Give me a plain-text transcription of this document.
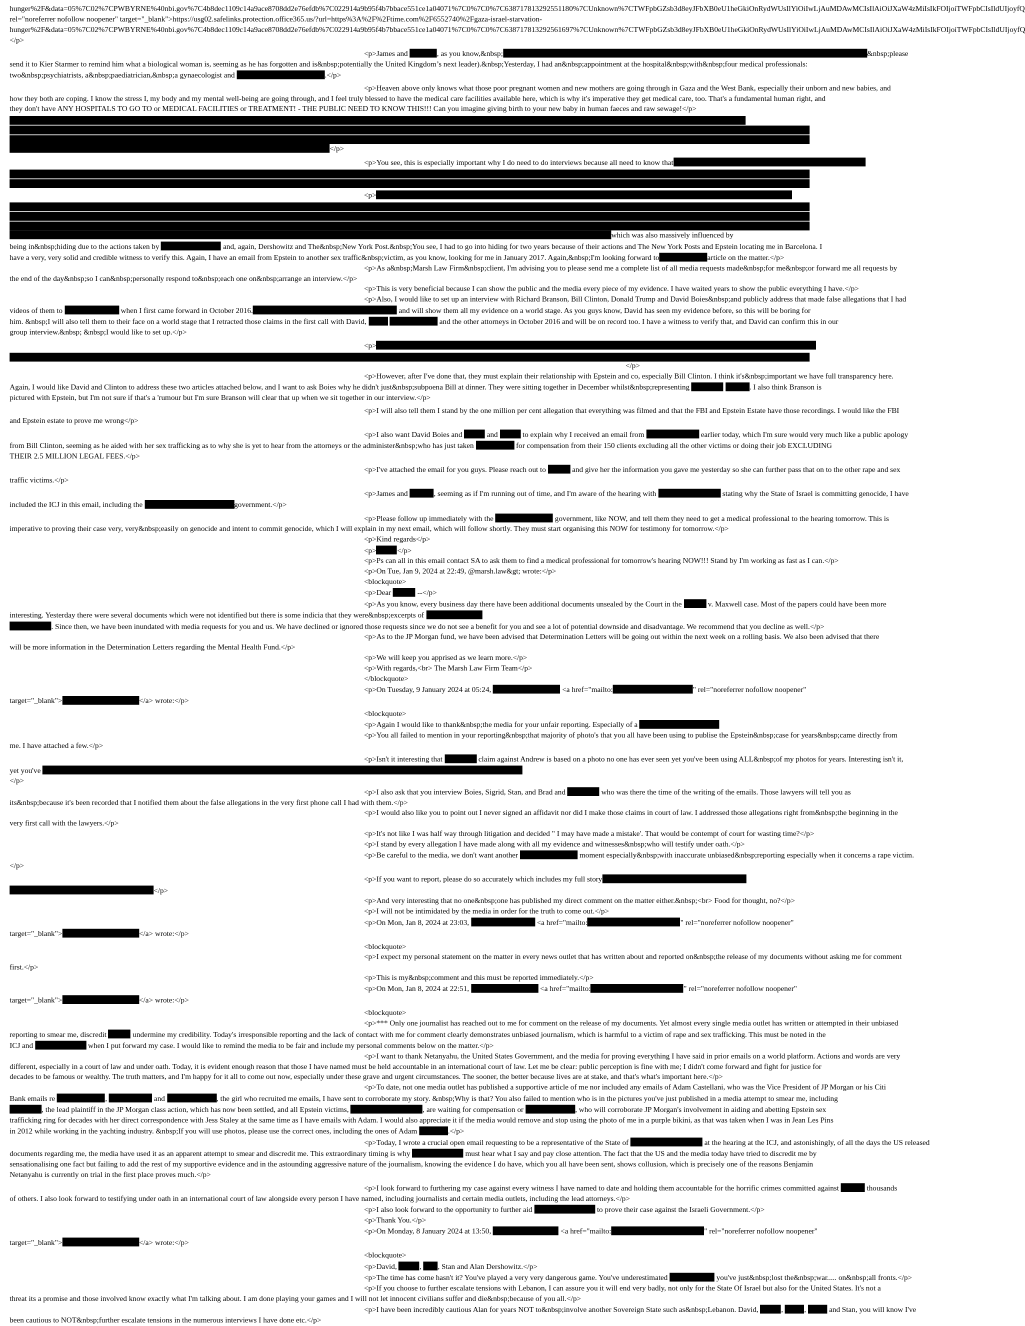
hunger%2F&data=05%7C02%7CPWBYRNE%40nbi.gov%7C4b8dec1109c14a9ace8708dd2e76efdb%7C022914a9b95f4b7bbace551ce1a04071%7C0%7C0%7C638717813292551180%7CUnknown%7CTWFpbGZsb3d8eyJFbXB0eU1heGkiOnRydWUsIlYiOiIwLjAuMDAwMCIsIlAiOiJXaW4zMiIsIkFOIjoiTWFpbCIsIldUIjoyfQ
rel="noreferrer nofollow noopener" target="_blank">https://usg02.safelinks.protection.office365.us/?url=https%3A%2F%2Ftime.com%2F6552740%2Fgaza-israel-starvation-
hunger%2F&data=05%7C02%7CPWBYRNE%40nbi.gov%7C4b8dec1109c14a9ace8708dd2e76efdb%7C022914a9b95f4b7bbace551ce1a04071%7C0%7C0%7C638717813292561697%7CUnknown%7CTWFpbGZsb3d8eyJFbXB0eU1heGkiOnRydWUsIlYiOiIwLjAuMDAwMCIsIlAiOiJXaW4zMiIsIkFOIjoiTWFpbCIsIldUIjoyfQ
</p>
<p>James and	, as you know,&nbsp;	&nbsp;please
send it to Kier Starmer to remind him what a biological woman is, seeming as he has forgotten and is&nbsp;potentially the United Kingdom’s next leader).&nbsp;Yesterday, I had an&nbsp;appointment at the hospital&nbsp;with&nbsp;four medical professionals:
two&nbsp;psychiatrists, a&nbsp;paediatrician,&nbsp;a gynaecologist and	.</p>
<p>Heaven above only knows what those poor pregnant women and new mothers are going through in Gaza and the West Bank, especially their unborn and new babies, and
how they both are coping. I know the stress I, my body and my mental well-being are going through, and I feel truly blessed to have the medical care facilities available here, which is why it's imperative they get medical care, too. That's a fundamental human right, and
they don't have ANY HOSPITALS TO GO TO or MEDICAL FACILITIES or TREATMENT! - THE PUBLIC NEED TO KNOW THIS!!! Can you imagine giving birth to your new baby in human faeces and raw sewage!</p>
</p>
<p>You see, this is especially important why I do need to do interviews because all need to know that
<p>
which was also massively influenced by
being in&nbsp;hiding due to the actions taken by	and, again, Dershowitz and The&nbsp;New York Post.&nbsp;You see, I had to go into hiding for two years because of their actions and The New York Posts and Epstein locating me in Barcelona. I
have a very, very solid and credible witness to verify this. Again, I have an email from Epstein to another sex traffic&nbsp;victim, as you know, looking for me in January 2017. Again,&nbsp;I'm looking forward to	article on the matter.</p>
<p>As a&nbsp;Marsh Law Firm&nbsp;client, I'm advising you to please send me a complete list of all media requests made&nbsp;for me&nbsp;or forward me all requests by
the end of the day&nbsp;so I can&nbsp;personally respond to&nbsp;each one on&nbsp;arrange an interview.</p>
<p>This is very beneficial because I can show the public and the media every piece of my evidence. I have waited years to show the public everything I have.</p>
<p>Also, I would like to set up an interview with Richard Branson, Bill Clinton, Donald Trump and David Boies&nbsp;and publicly address that made false allegations that I had
videos of them to	when I first came forward in October 2016.	and will show them all my evidence on a world stage. As you guys know, David has seen my evidence before, so this will be boring for
him. &nbsp;I will also tell them to their face on a world stage that I retracted those claims in the first call with David,	and the other attorneys in October 2016 and will be on record too. I have a witness to verify that, and David can confirm this in our
group interview.&nbsp; &nbsp;I would like to set up.</p>
<p>
</p>
<p>However, after I've done that, they must explain their relationship with Epstein and co, especially Bill Clinton. I think it's&nbsp;important we have full transparency here.
Again, I would like David and Clinton to address these two articles attached below, and I want to ask Boies why he didn't just&nbsp;subpoena Bill at dinner. They were sitting together in December whilst&nbsp;representing	. I also think Branson is
pictured with Epstein, but I'm not sure if that's a 'rumour but I'm sure Branson will clear that up when we sit together in our interview.</p>
<p>I will also tell them I stand by the one million per cent allegation that everything was filmed and that the FBI and Epstein Estate have those recordings. I would like the FBI
and Epstein estate to prove me wrong</p>
<p>I also want David Boies and  and  to explain why I received an email from	earlier today, which I'm sure would very much like a public apology
from Bill Clinton, seeming as he aided with her sex trafficking as to why she is yet to hear from the attorneys or the administer&nbsp;who has just taken	for compensation from their 150 clients excluding all the other victims or doing their job EXCLUDING
THEIR 2.5 MILLION LEGAL FEES.</p>
<p>I've attached the email for you guys. Please reach out to  and give her the information you gave me yesterday so she can further pass that on to the other rape and sex
traffic victims.</p>
<p>James and	, seeming as if I'm running out of time, and I'm aware of the hearing with	stating why the State of Israel is committing genocide, I have
included the ICJ in this email, including the	government.</p>
<p>Please follow up immediately with the	government, like NOW, and tell them they need to get a medical professional to the hearing tomorrow. This is
imperative to proving their case very, very&nbsp;easily on genocide and intent to commit genocide, which I will explain in my next email, which will follow shortly. They must start organising this NOW for testimony for tomorrow.</p>
<p>Kind regards</p>
<p> </p>
<p>Ps can all in this email contact SA to ask them to find a medical professional for tomorrow's hearing NOW!!! Stand by I'm working as fast as I can.</p>
<p>On Tue, Jan 9, 2024 at 22:49, @marsh.law&gt; wrote:</p>
<blockquote>
<p>Dear  --</p>
<p>As you know, every business day there have been additional documents unsealed by the Court in the  v. Maxwell case. Most of the papers could have been more
interesting. Yesterday there were several documents which were not identified but there is some indicia that they were&nbsp;excerpts of
. Since then, we have been inundated with media requests for you and us. We have declined or ignored those requests since we do not see a benefit for you and see a lot of potential downside and disadvantage. We recommend that you decline as well.</p>
<p>As to the JP Morgan fund, we have been advised that Determination Letters will be going out within the next week on a rolling basis. We also been advised that there
will be more information in the Determination Letters regarding the Mental Health Fund.</p>
<p>We will keep you apprised as we learn more.</p>
<p>With regards,<br> The Marsh Law Firm Team</p>
</blockquote>
<p>On Tuesday, 9 January 2024 at 05:24,	<a href="mailto:	" rel="noreferrer nofollow noopener"
target="_blank">	</a> wrote:</p>
<blockquote>
<p>Again I would like to thank&nbsp;the media for your unfair reporting. Especially of a
<p>You all failed to mention in your reporting&nbsp;that majority of photo's that you all have been using to publise the Epstein&nbsp;case for years&nbsp;came directly from
me. I have attached a few.</p>
<p>Isn't it interesting that	claim against Andrew is based on a photo no one has ever seen yet you've been using ALL&nbsp;of my photos for years. Interesting isn't it,
yet you've
</p>
<p>I also ask that you interview Boies, Sigrid, Stan, and Brad and	who was there the time of the writing of the emails. Those lawyers will tell you as
its&nbsp;because it's been recorded that I notified them about the false allegations in the very first phone call I had with them.</p>
<p>I would also like you to point out I never signed an affidavit nor did I make those claims in court of law. I addressed those allegations right from&nbsp;the beginning in the
very first call with the lawyers.</p>
<p>It's not like I was half way through litigation and decided " I may have made a mistake'. That would be contempt of court for wasting time?</p>
<p>I stand by every allegation I have made along with all my evidence and witnesses&nbsp;who will testify under oath.</p>
<p>Be careful to the media, we don't want another	moment especially&nbsp;with inaccurate unbiased&nbsp;reporting especially when it concerns a rape victim.
</p>
<p>If you want to report, please do so accurately which includes my full story
</p>
<p>And very interesting that no one&nbsp;one has published my direct comment on the matter either.&nbsp;<br> Food for thought, no?</p>
<p>I will not be intimidated by the media in order for the truth to come out.</p>
<p>On Mon, Jan 8, 2024 at 23:03,	<a href="mailto:	" rel="noreferrer nofollow noopener"
target="_blank">	</a> wrote:</p>
<blockquote>
<p>I expect my personal statement on the matter in every news outlet that has written about and reported on&nbsp;the release of my documents without asking me for comment
first.</p>
<p>This is my&nbsp;comment and this must be reported immediately.</p>
<p>On Mon, Jan 8, 2024 at 22:51,	<a href="mailto:	" rel="noreferrer nofollow noopener"
target="_blank">	</a> wrote:</p>
<blockquote>
<p>*** Only one journalist has reached out to me for comment on the release of my documents. Yet almost every single media outlet has written or attempted in their unbiased
reporting to smear me, discredit  undermine my credibility. Today's irresponsible reporting and the lack of contact with me for comment clearly demonstrates unbiased journalism, which is harmful to a victim of rape and sex trafficking. This must be noted in the
ICJ and	when I put forward my case. I would like to remind the media to be fair and include my personal comments below on the matter.</p>
<p>I want to thank Netanyahu, the United States Government, and the media for proving everything I have said in prior emails on a world platform. Actions and words are very
different, especially in a court of law and under oath. Today, it is evident enough reason that those I have named must be held accountable in an international court of law. Let me be clear: public perception is fine with me; I didn't come forward and fight for justice for
decades to be famous or wealthy. The truth matters, and I'm happy for it all to come out now, especially under these grave and urgent circumstances. The sooner, the better because lives are at stake, and that's what's important here.</p>
<p>To date, not one media outlet has published a supportive article of me nor included any emails of Adam Castellani, who was the Vice President of JP Morgan or his Citi
Bank emails re	,	and	, the girl who recruited me emails, I have sent to corroborate my story. &nbsp;Why is that? You also failed to mention who is in the pictures you've just published in a media attempt to smear me, including
, the lead plaintiff in the JP Morgan class action, which has now been settled, and all Epstein victims,	, are waiting for compensation or	, who will corroborate JP Morgan's involvement in aiding and abetting Epstein sex
trafficking ring for decades with her direct correspondence with Jess Staley at the same time as I have emails with Adam. I would also appreciate it if the media would remove and stop using the photo of me in a purple bikini, as that was taken when I was in Jean Les Pins
in 2012 while working in the yachting industry. &nbsp;If you will use photos, please use the correct ones, including the ones of Adam	.</p>
<p>Today, I wrote a crucial open email requesting to be a representative of the State of	at the hearing at the ICJ, and astonishingly, of all the days the US released
documents regarding me, the media have used it as an apparent attempt to smear and discredit me. This extraordinary timing is why	must hear what I say and pay close attention. The fact that the US and the media today have tried to discredit me by
sensationalising one fact but failing to add the rest of my supportive evidence and in the astounding aggressive nature of the journalism, knowing the evidence I do have, which you all have been sent, shows collusion, which is precisely one of the reasons Benjamin
Netanyahu is currently on trial in the first place proves much.</p>
<p>I look forward to furthering my case against every witness I have named to date and holding them accountable for the horrific crimes committed against	thousands
of others. I also look forward to testifying under oath in an international court of law alongside every person I have named, including journalists and certain media outlets, including the lead attorneys.</p>
<p>I also look forward to the opportunity to further aid	to prove their case against the Israeli Government.</p>
<p>Thank You.</p>
<p>On Monday, 8 January 2024 at 13:50,	<a href="mailto:	" rel="noreferrer nofollow noopener"
target="_blank">	</a> wrote:</p>
<blockquote>
<p>David, , , Stan and Alan Dershowitz.</p>
<p>The time has come hasn't it? You've played a very very dangerous game. You've underestimated	you've just&nbsp;lost the&nbsp;war..... on&nbsp;all fronts.</p>
<p>If you choose to further escalate tensions with Lebanon, I can assure you it will end very badly, not only for the State Of Israel but also for the United States. It's not a
threat its a promise and those involved know exactly what I'm talking about. I am done playing your games and I will not let innocent civilians suffer and die&nbsp;because of you all.</p>
<p>I have been incredibly cautious Alan for years NOT to&nbsp;involve another Sovereign State such as&nbsp;Lebanon. David, , ,  and Stan, you will know I've
been cautious to NOT&nbsp;further escalate tensions in the numerous interviews I have done etc.</p>
